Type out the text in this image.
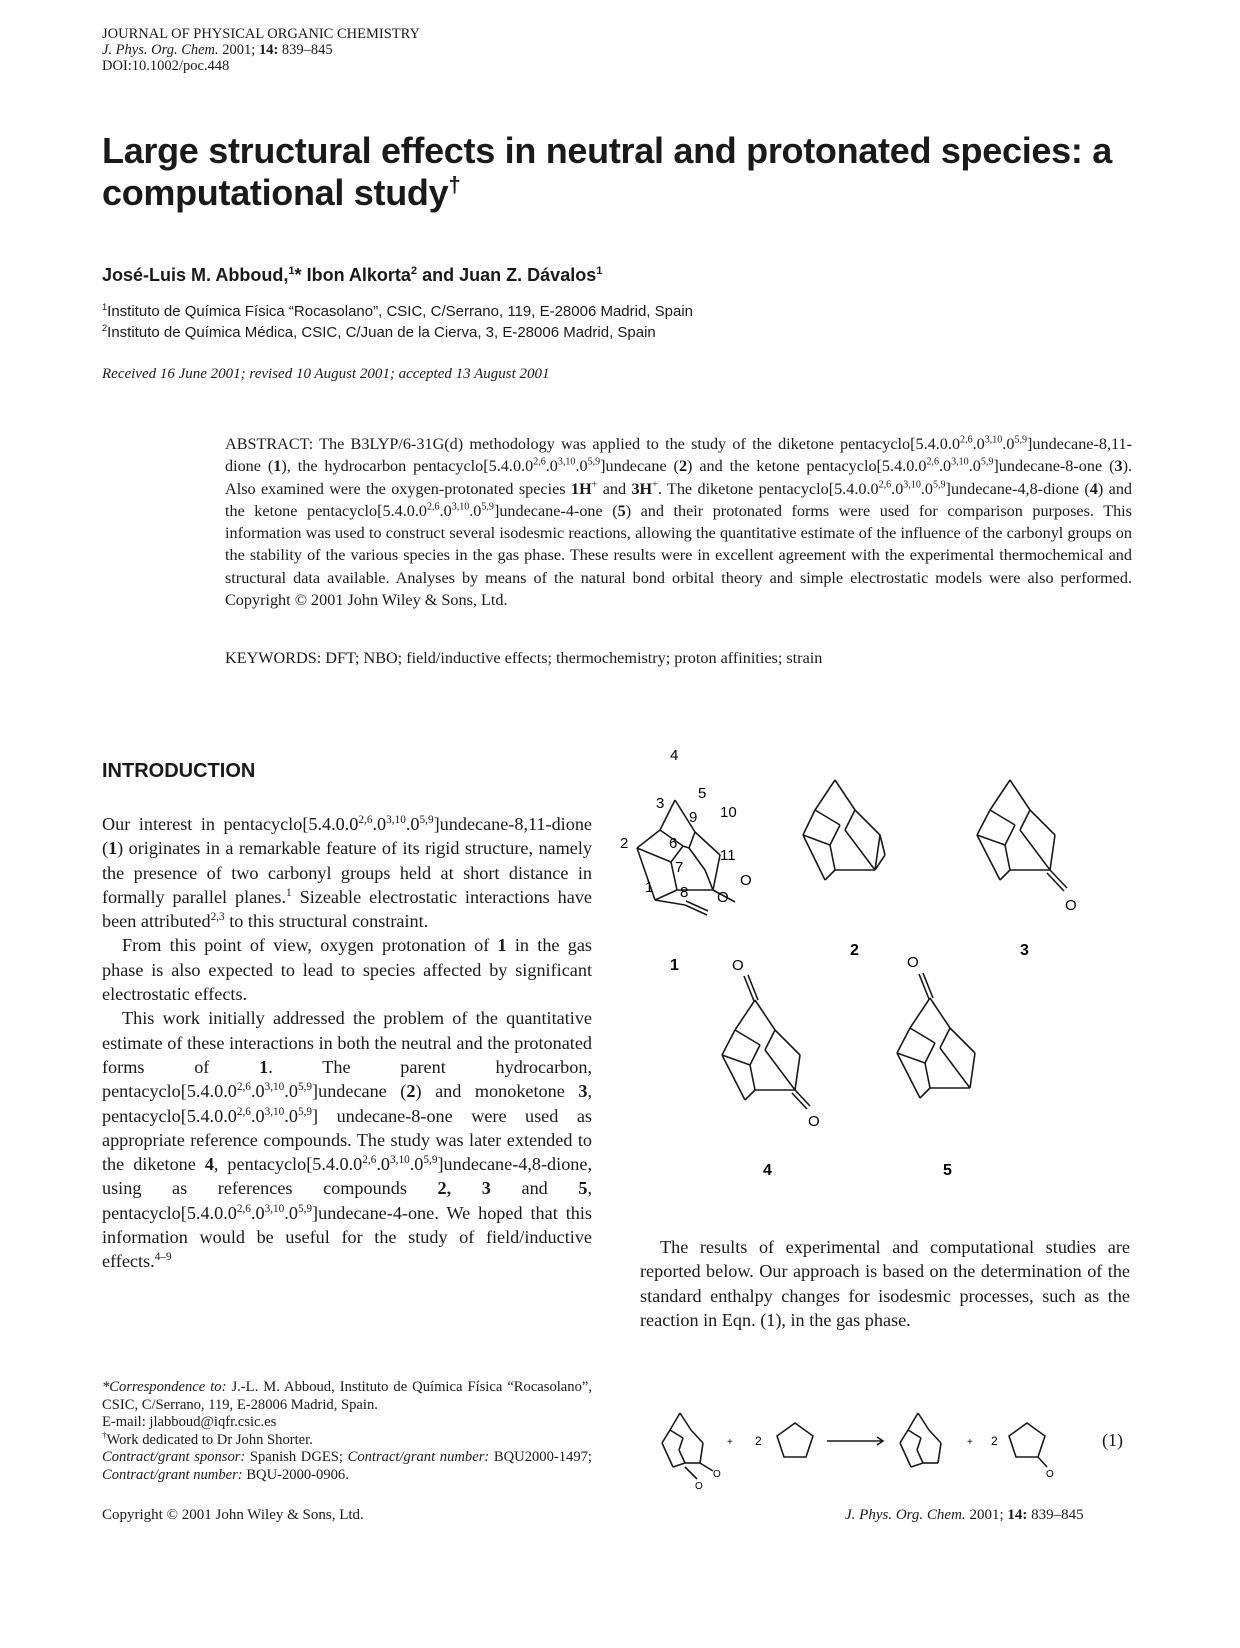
JOURNAL OF PHYSICAL ORGANIC CHEMISTRY
J. Phys. Org. Chem. 2001; 14: 839–845
DOI:10.1002/poc.448
Large structural effects in neutral and protonated species: a computational study†
José-Luis M. Abboud,$^1$* Ibon Alkorta$^2$ and Juan Z. Dávalos$^1$
$^1$Instituto de Química Física “Rocasolano”, CSIC, C/Serrano, 119, E-28006 Madrid, Spain
$^2$Instituto de Química Médica, CSIC, C/Juan de la Cierva, 3, E-28006 Madrid, Spain
Received 16 June 2001; revised 10 August 2001; accepted 13 August 2001
ABSTRACT: The B3LYP/6-31G(d) methodology was applied to the study of the diketone pentacyclo[5.4.0.0$^{2,6}$.0$^{3,10}$.0$^{5,9}$]undecane-8,11-dione (1), the hydrocarbon pentacyclo[5.4.0.0$^{2,6}$.0$^{3,10}$.0$^{5,9}$]undecane (2) and the ketone pentacyclo[5.4.0.0$^{2,6}$.0$^{3,10}$.0$^{5,9}$]undecane-8-one (3). Also examined were the oxygen-protonated species 1H+ and 3H+. The diketone pentacyclo[5.4.0.0$^{2,6}$.0$^{3,10}$.0$^{5,9}$]undecane-4,8-dione (4) and the ketone pentacyclo[5.4.0.0$^{2,6}$.0$^{3,10}$.0$^{5,9}$]undecane-4-one (5) and their protonated forms were used for comparison purposes. This information was used to construct several isodesmic reactions, allowing the quantitative estimate of the influence of the carbonyl groups on the stability of the various species in the gas phase. These results were in excellent agreement with the experimental thermochemical and structural data available. Analyses by means of the natural bond orbital theory and simple electrostatic models were also performed. Copyright © 2001 John Wiley & Sons, Ltd.
KEYWORDS: DFT; NBO; field/inductive effects; thermochemistry; proton affinities; strain
INTRODUCTION

Our interest in pentacyclo[5.4.0.0$^{2,6}$.0$^{3,10}$.0$^{5,9}$]undecane-8,11-dione (1) originates in a remarkable feature of its rigid structure, namely the presence of two carbonyl groups held at short distance in formally parallel planes.$^1$ Sizeable electrostatic interactions have been attributed$^{2,3}$ to this structural constraint.

From this point of view, oxygen protonation of 1 in the gas phase is also expected to lead to species affected by significant electrostatic effects.

This work initially addressed the problem of the quantitative estimate of these interactions in both the neutral and the protonated forms of 1. The parent hydrocarbon, pentacyclo[5.4.0.0$^{2,6}$.0$^{3,10}$.0$^{5,9}$]undecane (2) and monoketone 3, pentacyclo[5.4.0.0$^{2,6}$.0$^{3,10}$.0$^{5,9}$] undecane-8-one were used as appropriate reference compounds. The study was later extended to the diketone 4, pentacyclo[5.4.0.0$^{2,6}$.0$^{3,10}$.0$^{5,9}$]undecane-4,8-dione, using as references compounds 2, 3 and 5, pentacyclo[5.4.0.0$^{2,6}$.0$^{3,10}$.0$^{5,9}$]undecane-4-one. We hoped that this information would be useful for the study of field/inductive effects.$^{4-9}$

4
3
5
9 10
2	6
11
7
1 8
O
O
1
2
O
3
O
O
4
O
5
The results of experimental and computational studies are reported below. Our approach is based on the determination of the standard enthalpy changes for isodesmic processes, such as the reaction in Eqn. (1), in the gas phase.
O
O
+ 2	+ 2
O
(1)
*Correspondence to: J.-L. M. Abboud, Instituto de Química Física “Rocasolano”, CSIC, C/Serrano, 119, E-28006 Madrid, Spain.
E-mail: jlabboud@iqfr.csic.es
†Work dedicated to Dr John Shorter.
Contract/grant sponsor: Spanish DGES; Contract/grant number: BQU2000-1497; Contract/grant number: BQU-2000-0906.
Copyright © 2001 John Wiley & Sons, Ltd.	J. Phys. Org. Chem. 2001; 14: 839–845
